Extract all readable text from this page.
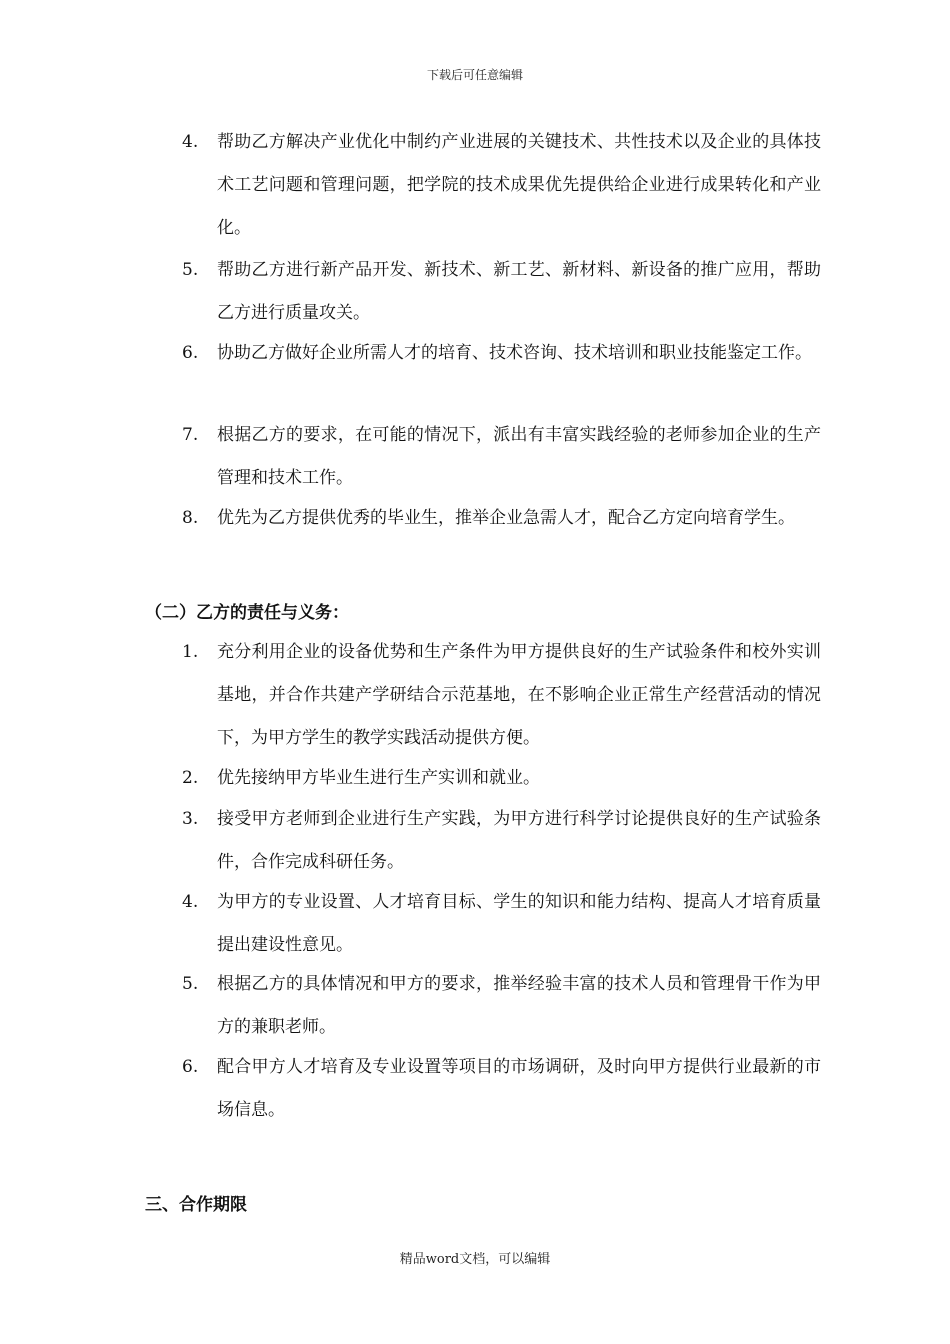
下载后可任意编辑
4. 帮助乙方解决产业优化中制约产业进展的关键技术、共性技术以及企业的具体技术工艺问题和管理问题，把学院的技术成果优先提供给企业进行成果转化和产业化。
5. 帮助乙方进行新产品开发、新技术、新工艺、新材料、新设备的推广应用，帮助乙方进行质量攻关。
6. 协助乙方做好企业所需人才的培育、技术咨询、技术培训和职业技能鉴定工作。
7. 根据乙方的要求，在可能的情况下，派出有丰富实践经验的老师参加企业的生产管理和技术工作。
8. 优先为乙方提供优秀的毕业生，推举企业急需人才，配合乙方定向培育学生。
（二）乙方的责任与义务：
1. 充分利用企业的设备优势和生产条件为甲方提供良好的生产试验条件和校外实训基地，并合作共建产学研结合示范基地，在不影响企业正常生产经营活动的情况下，为甲方学生的教学实践活动提供方便。
2. 优先接纳甲方毕业生进行生产实训和就业。
3. 接受甲方老师到企业进行生产实践，为甲方进行科学讨论提供良好的生产试验条件，合作完成科研任务。
4. 为甲方的专业设置、人才培育目标、学生的知识和能力结构、提高人才培育质量提出建设性意见。
5. 根据乙方的具体情况和甲方的要求，推举经验丰富的技术人员和管理骨干作为甲方的兼职老师。
6. 配合甲方人才培育及专业设置等项目的市场调研，及时向甲方提供行业最新的市场信息。
三、合作期限
精品word文档，可以编辑
